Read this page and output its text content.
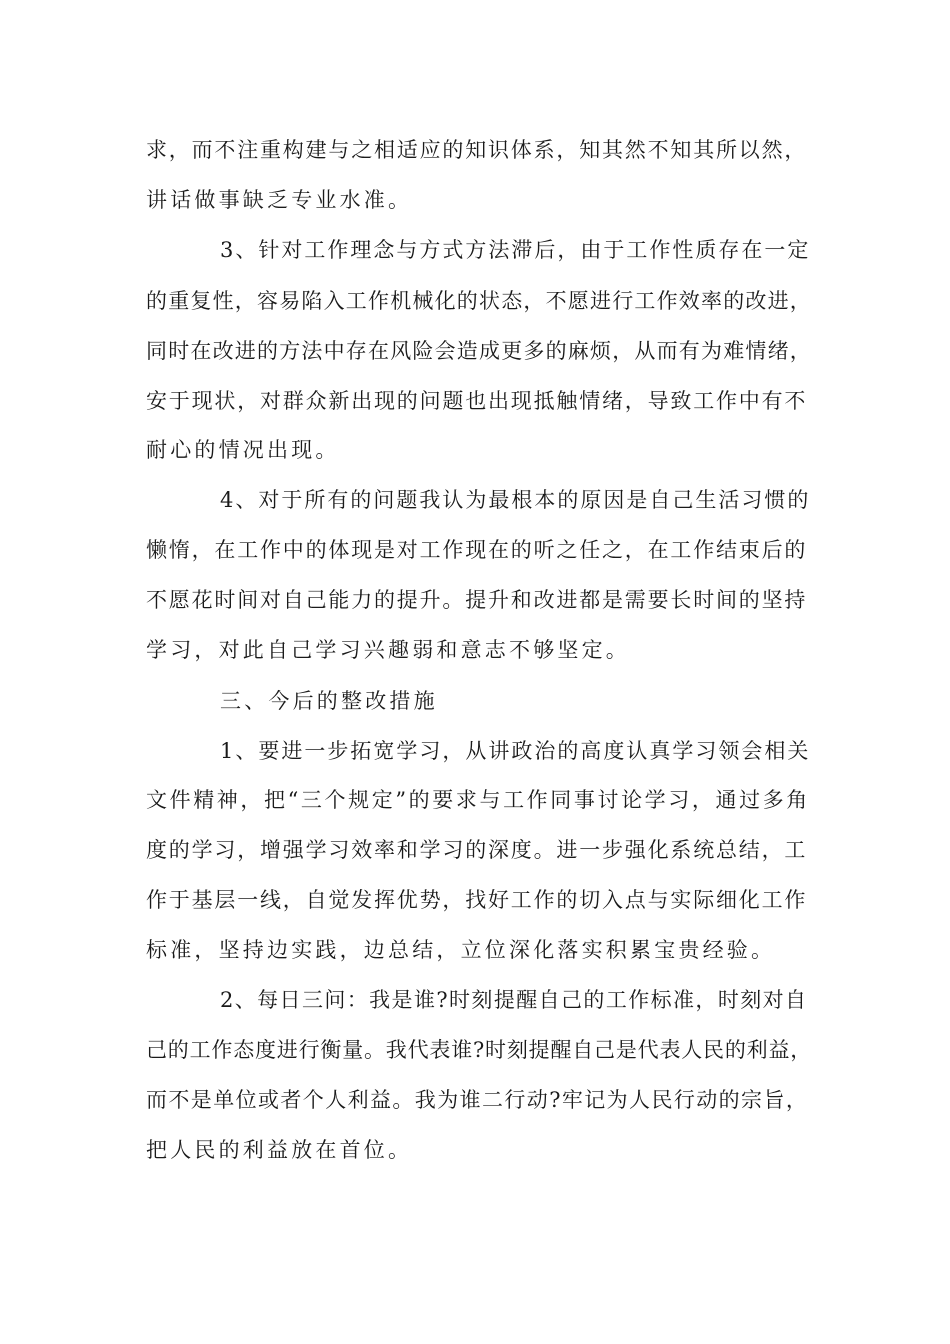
求，而不注重构建与之相适应的知识体系，知其然不知其所以然，
讲话做事缺乏专业水准。
3、针对工作理念与方式方法滞后，由于工作性质存在一定
的重复性，容易陷入工作机械化的状态，不愿进行工作效率的改进，
同时在改进的方法中存在风险会造成更多的麻烦，从而有为难情绪，
安于现状，对群众新出现的问题也出现抵触情绪，导致工作中有不
耐心的情况出现。
4、对于所有的问题我认为最根本的原因是自己生活习惯的
懒惰，在工作中的体现是对工作现在的听之任之，在工作结束后的
不愿花时间对自己能力的提升。提升和改进都是需要长时间的坚持
学习，对此自己学习兴趣弱和意志不够坚定。
三、今后的整改措施
1、要进一步拓宽学习，从讲政治的高度认真学习领会相关
文件精神，把“三个规定”的要求与工作同事讨论学习，通过多角
度的学习，增强学习效率和学习的深度。进一步强化系统总结，工
作于基层一线，自觉发挥优势，找好工作的切入点与实际细化工作
标准，坚持边实践，边总结，立位深化落实积累宝贵经验。
2、每日三问：我是谁?时刻提醒自己的工作标准，时刻对自
己的工作态度进行衡量。我代表谁?时刻提醒自己是代表人民的利益，
而不是单位或者个人利益。我为谁二行动?牢记为人民行动的宗旨，
把人民的利益放在首位。
